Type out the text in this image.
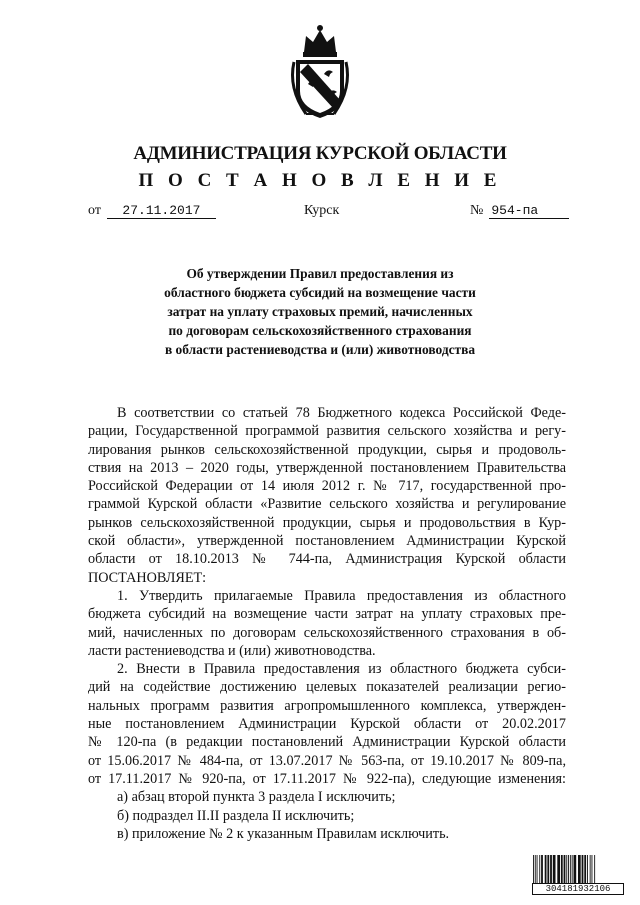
АДМИНИСТРАЦИЯ КУРСКОЙ ОБЛАСТИ
П О С Т А Н О В Л Е Н И Е
от 27.11.2017	Курск	№ 954-па
Об утверждении Правил предоставления из
областного бюджета субсидий на возмещение части
затрат на уплату страховых премий, начисленных
по договорам сельскохозяйственного страхования
в области растениеводства и (или) животноводства
В соответствии со статьей 78 Бюджетного кодекса Российской Феде-
рации, Государственной программой развития сельского хозяйства и регу-
лирования рынков сельскохозяйственной продукции, сырья и продоволь-
ствия на 2013 – 2020 годы, утвержденной постановлением Правительства
Российской Федерации от 14 июля 2012 г. № 717, государственной про-
граммой Курской области «Развитие сельского хозяйства и регулирование
рынков сельскохозяйственной продукции, сырья и продовольствия в Кур-
ской области», утвержденной постановлением Администрации Курской
области от 18.10.2013 № 744-па, Администрация Курской области
ПОСТАНОВЛЯЕТ:
1. Утвердить прилагаемые Правила предоставления из областного
бюджета субсидий на возмещение части затрат на уплату страховых пре-
мий, начисленных по договорам сельскохозяйственного страхования в об-
ласти растениеводства и (или) животноводства.
2. Внести в Правила предоставления из областного бюджета субси-
дий на содействие достижению целевых показателей реализации регио-
нальных программ развития агропромышленного комплекса, утвержден-
ные постановлением Администрации Курской области от 20.02.2017
№ 120-па (в редакции постановлений Администрации Курской области
от 15.06.2017 № 484-па, от 13.07.2017 № 563-па, от 19.10.2017 № 809-па,
от 17.11.2017 № 920-па, от 17.11.2017 № 922-па), следующие изменения:
а) абзац второй пункта 3 раздела I исключить;
б) подраздел II.II раздела II исключить;
в) приложение № 2 к указанным Правилам исключить.
304181932106
